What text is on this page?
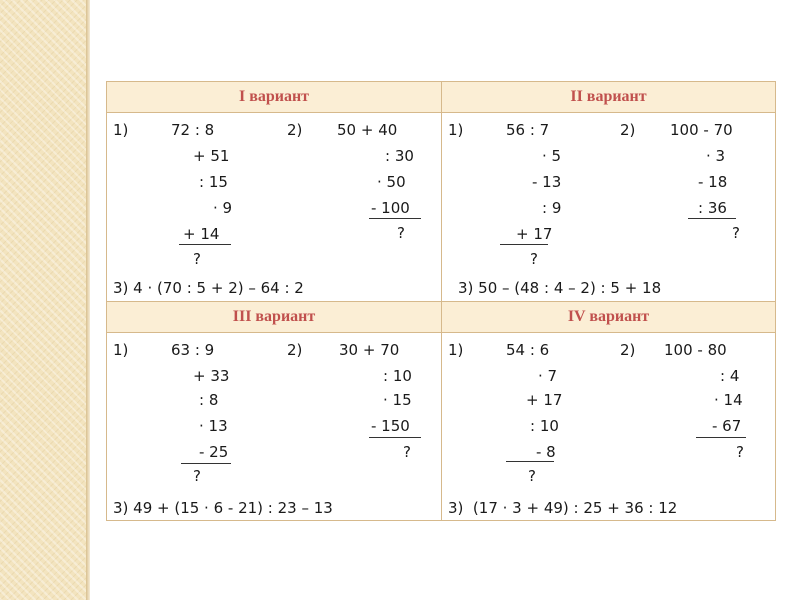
I вариант
1)	72 : 8
+ 51
: 15
· 9
+ 14
?
2) 50 + 40
: 30
· 50
- 100
?
3) 4 · (70 : 5 + 2) – 64 : 2
II вариант
1)	56 : 7
· 5
- 13
: 9
+ 17
?
2) 100 - 70
· 3
- 18
: 36
?
3) 50 – (48 : 4 – 2) : 5 + 18
III вариант
1)	63 : 9
+ 33
: 8
· 13
- 25
?
2) 30 + 70
: 10
· 15
- 150
?
3) 49 + (15 · 6 - 21) : 23 – 13
IV вариант
1)	54 : 6
· 7
+ 17
: 10
- 8
?
2) 100 - 80
: 4
· 14
- 67
?
3)  (17 · 3 + 49) : 25 + 36 : 12
